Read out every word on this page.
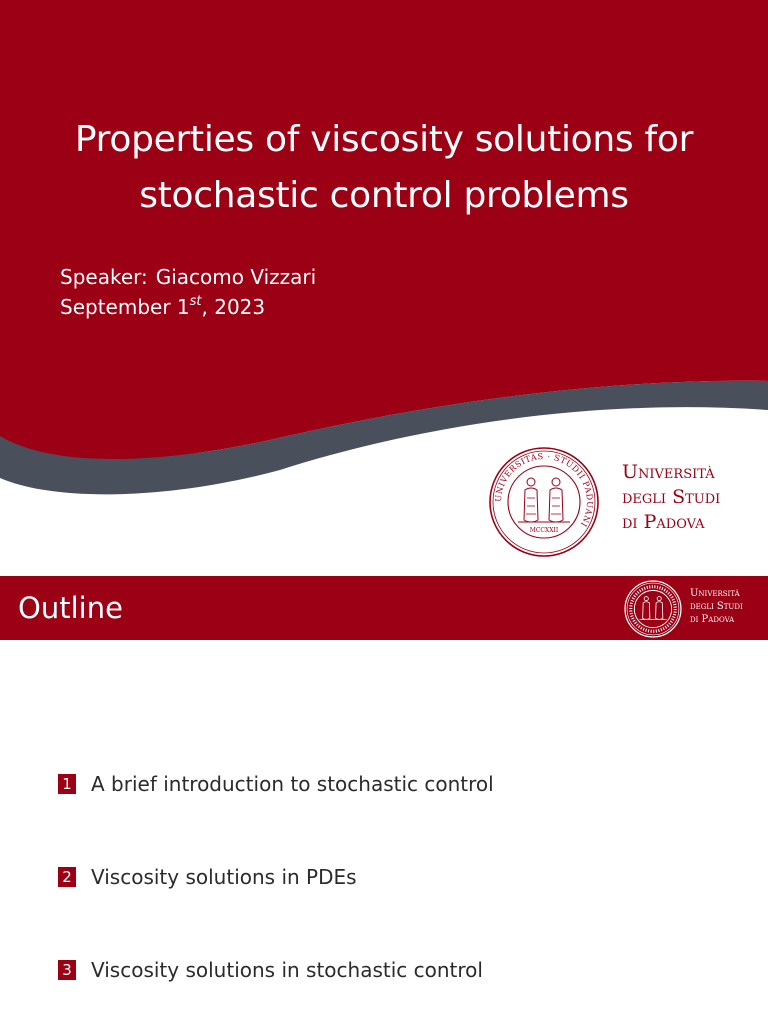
Properties of viscosity solutions for
stochastic control problems
Speaker: Giacomo Vizzari
September 1st, 2023
UNIVERSITAS · STUDII PADUANI
MCCXXII
Università
degli Studi
di Padova
Outline	Università
degli Studi
di Padova
1 A brief introduction to stochastic control
2 Viscosity solutions in PDEs
3 Viscosity solutions in stochastic control
